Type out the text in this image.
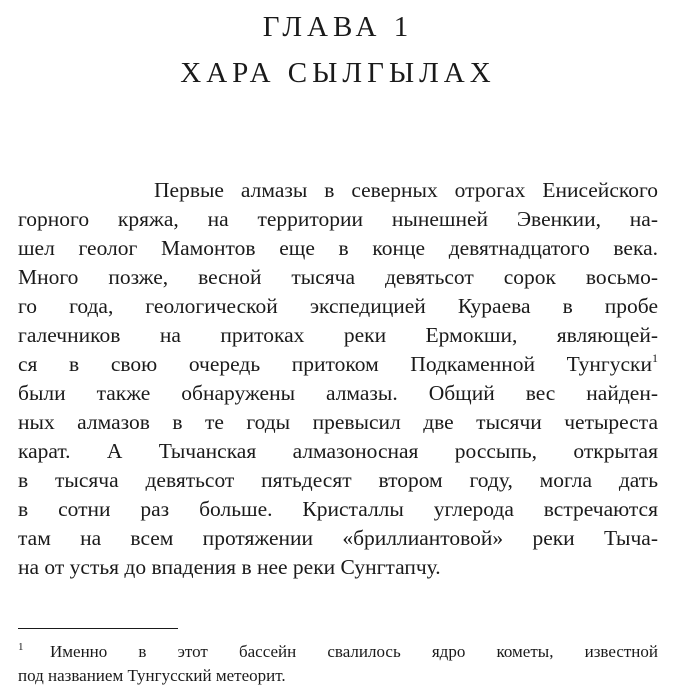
ГЛАВА 1
ХАРА СЫЛГЫЛАХ
Первые алмазы в северных отрогах Енисейского
горного кряжа, на территории нынешней Эвенкии, на-
шел геолог Мамонтов еще в конце девятнадцатого века.
Много позже, весной тысяча девятьсот сорок восьмо-
го года, геологической экспедицией Кураева в пробе
галечников на притоках реки Ермокши, являющей-
ся в свою очередь притоком Подкаменной Тунгуски$^1$
были также обнаружены алмазы. Общий вес найден-
ных алмазов в те годы превысил две тысячи четыреста
карат. А Тычанская алмазоносная россыпь, открытая
в тысяча девятьсот пятьдесят втором году, могла дать
в сотни раз больше. Кристаллы углерода встречаются
там на всем протяжении «бриллиантовой» реки Тыча-
на от устья до впадения в нее реки Сунгтапчу.
1 Именно в этот бассейн свалилось ядро кометы, известной
под названием Тунгусский метеорит.
